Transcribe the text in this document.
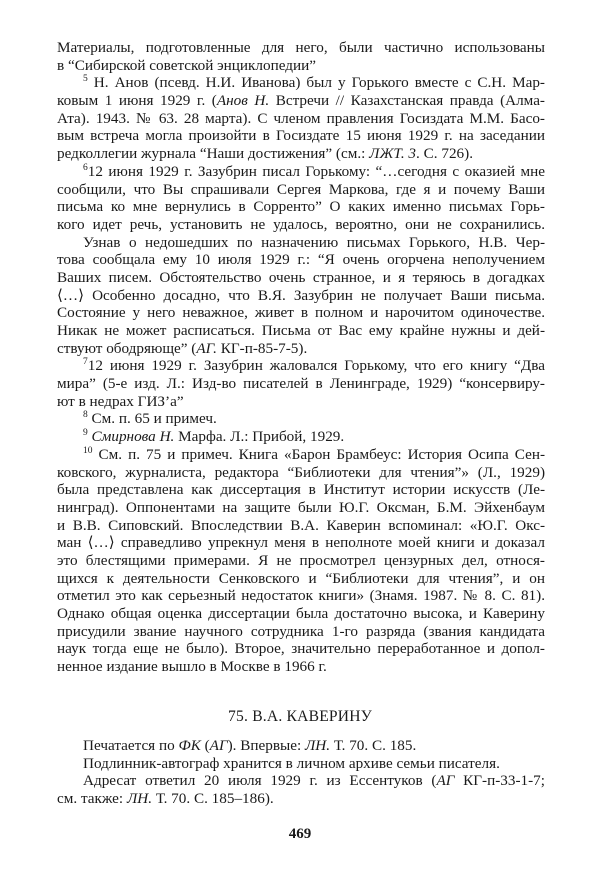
Материалы, подготовленные для него, были частично использованы
в “Сибирской советской энциклопедии”
$^5$ Н. Анов (псевд. Н.И. Иванова) был у Горького вместе с С.Н. Мар-
ковым 1 июня 1929 г. (Анов Н. Встречи // Казахстанская правда (Алма-
Ата). 1943. № 63. 28 марта). С членом правления Госиздата М.М. Басо-
вым встреча могла произойти в Госиздате 15 июня 1929 г. на заседании
редколлегии журнала “Наши достижения” (см.: ЛЖТ. 3. С. 726).
$^6$12 июня 1929 г. Зазубрин писал Горькому: “…сегодня с оказией мне
сообщили, что Вы спрашивали Сергея Маркова, где я и почему Ваши
письма ко мне вернулись в Сорренто” О каких именно письмах Горь-
кого идет речь, установить не удалось, вероятно, они не сохранились.
Узнав о недошедших по назначению письмах Горького, Н.В. Чер-
това сообщала ему 10 июля 1929 г.: “Я очень огорчена неполучением
Ваших писем. Обстоятельство очень странное, и я теряюсь в догадках
⟨…⟩ Особенно досадно, что В.Я. Зазубрин не получает Ваши письма.
Состояние у него неважное, живет в полном и нарочитом одиночестве.
Никак не может расписаться. Письма от Вас ему крайне нужны и дей-
ствуют ободряюще” (АГ. КГ-п-85-7-5).
$^7$12 июня 1929 г. Зазубрин жаловался Горькому, что его книгу “Два
мира” (5-е изд. Л.: Изд-во писателей в Ленинграде, 1929) “консервиру-
ют в недрах ГИЗ’а”
$^8$ См. п. 65 и примеч.
$^9$ Смирнова Н. Марфа. Л.: Прибой, 1929.
$^{10}$ См. п. 75 и примеч. Книга «Барон Брамбеус: История Осипа Сен-
ковского, журналиста, редактора “Библиотеки для чтения”» (Л., 1929)
была представлена как диссертация в Институт истории искусств (Ле-
нинград). Оппонентами на защите были Ю.Г. Оксман, Б.М. Эйхенбаум
и В.В. Сиповский. Впоследствии В.А. Каверин вспоминал: «Ю.Г. Окс-
ман ⟨…⟩ справедливо упрекнул меня в неполноте моей книги и доказал
это блестящими примерами. Я не просмотрел цензурных дел, относя-
щихся к деятельности Сенковского и “Библиотеки для чтения”, и он
отметил это как серьезный недостаток книги» (Знамя. 1987. № 8. С. 81).
Однако общая оценка диссертации была достаточно высока, и Каверину
присудили звание научного сотрудника 1-го разряда (звания кандидата
наук тогда еще не было). Второе, значительно переработанное и допол-
ненное издание вышло в Москве в 1966 г.
75. В.А. КАВЕРИНУ
Печатается по ФК (АГ). Впервые: ЛН. Т. 70. С. 185.
Подлинник-автограф хранится в личном архиве семьи писателя.
Адресат ответил 20 июля 1929 г. из Ессентуков (АГ КГ-п-33-1-7;
см. также: ЛН. Т. 70. С. 185–186).
469
